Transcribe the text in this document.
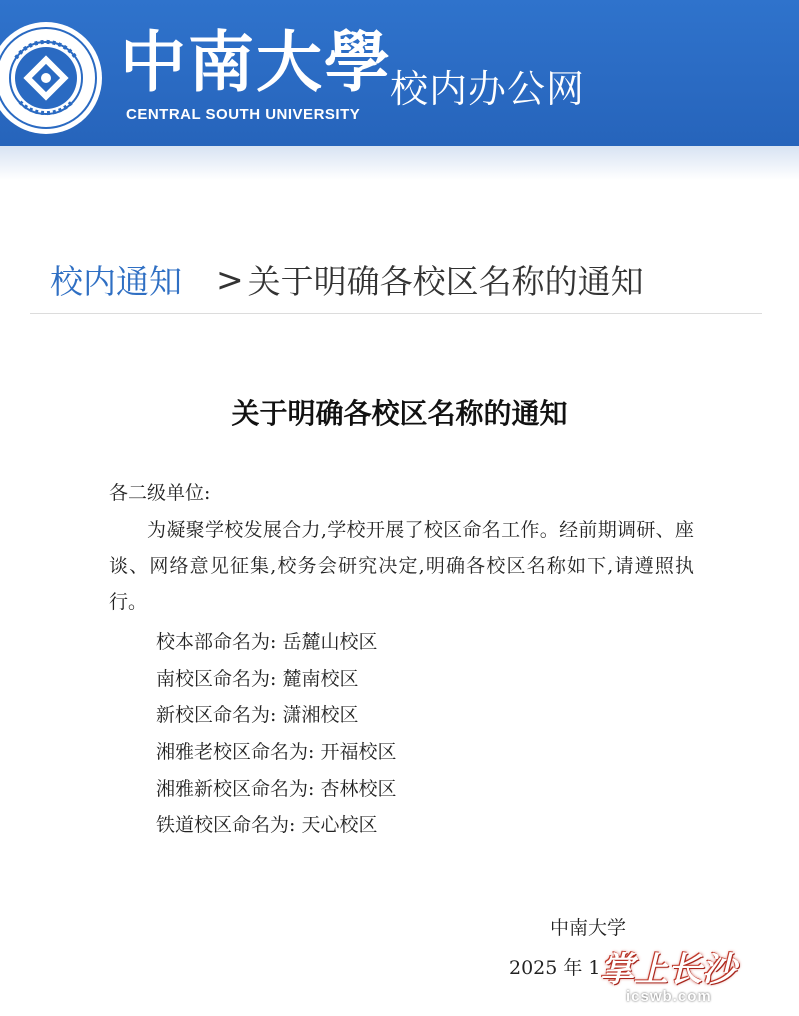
中南大學
CENTRAL SOUTH UNIVERSITY
校内办公网
校内通知 > 关于明确各校区名称的通知
关于明确各校区名称的通知
各二级单位:
为凝聚学校发展合力,学校开展了校区命名工作。经前期调研、座谈、网络意见征集,校务会研究决定,明确各校区名称如下,请遵照执行。
校本部命名为: 岳麓山校区
南校区命名为: 麓南校区
新校区命名为: 潇湘校区
湘雅老校区命名为: 开福校区
湘雅新校区命名为: 杏林校区
铁道校区命名为: 天心校区
中南大学
2025 年 1 掌上长沙
icswb.com
